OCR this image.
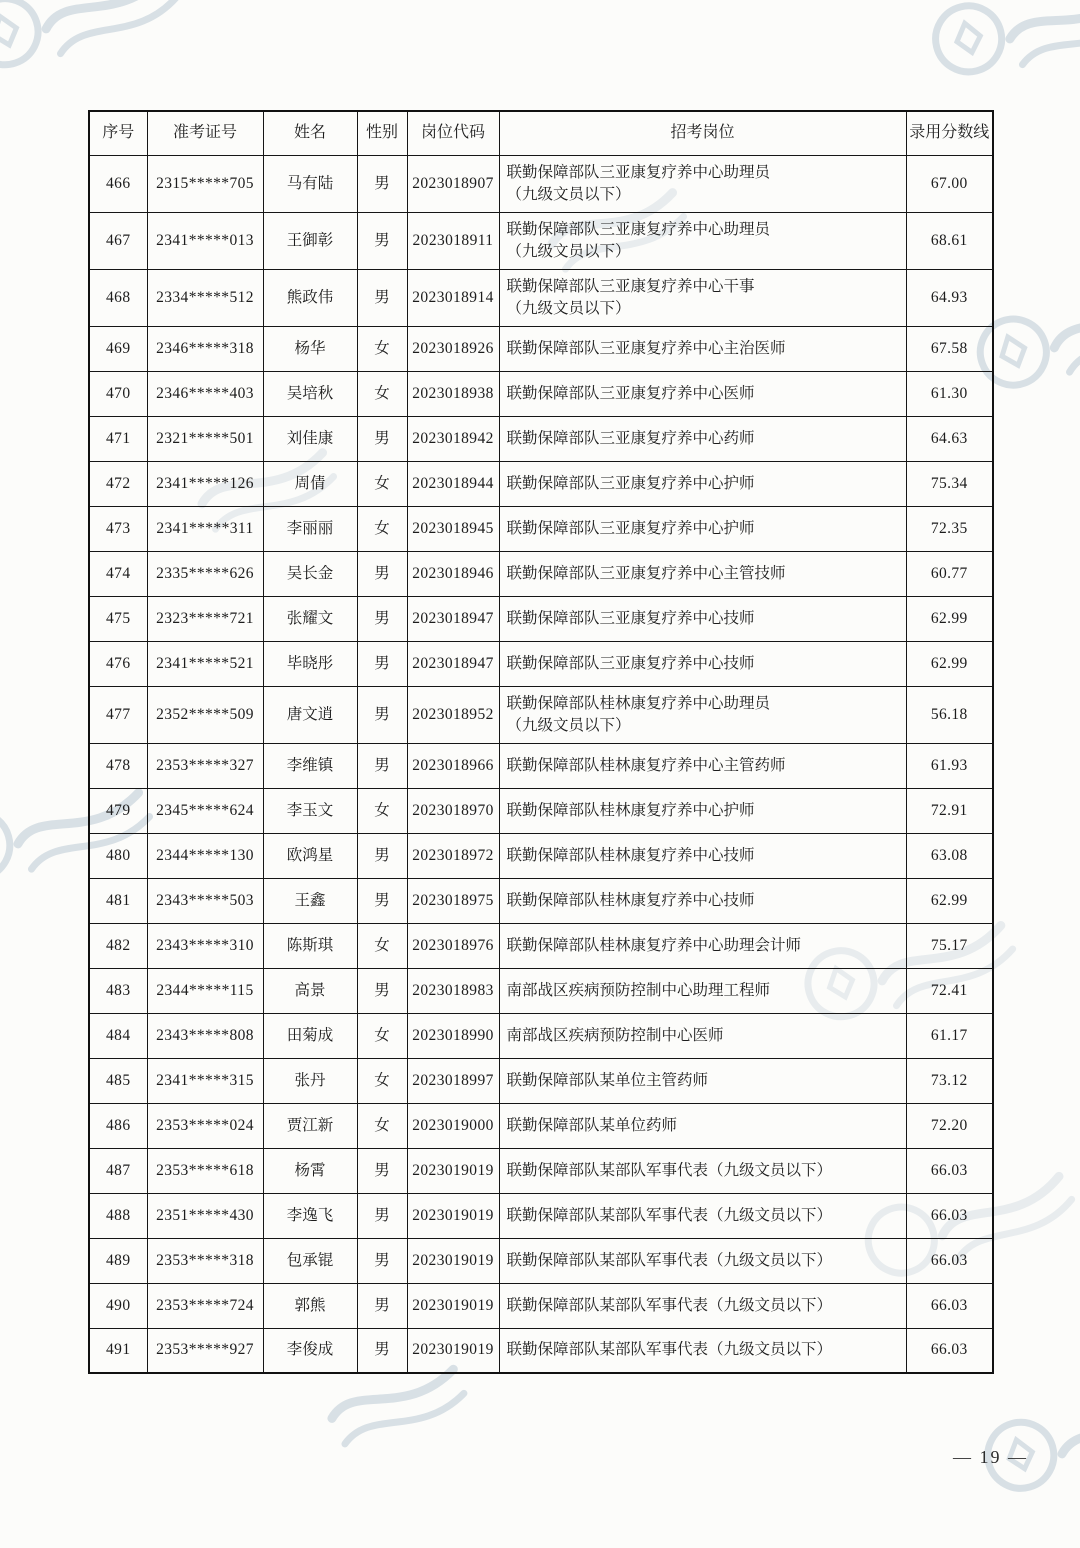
序号	准考证号	姓名	性别	岗位代码	招考岗位	录用分数线
466	2315*****705	马有陆	男	2023018907	联勤保障部队三亚康复疗养中心助理员
（九级文员以下）	67.00
467	2341*****013	王御彰	男	2023018911	联勤保障部队三亚康复疗养中心助理员
（九级文员以下）	68.61
468	2334*****512	熊政伟	男	2023018914	联勤保障部队三亚康复疗养中心干事
（九级文员以下）	64.93
469	2346*****318	杨华	女	2023018926	联勤保障部队三亚康复疗养中心主治医师	67.58
470	2346*****403	吴培秋	女	2023018938	联勤保障部队三亚康复疗养中心医师	61.30
471	2321*****501	刘佳康	男	2023018942	联勤保障部队三亚康复疗养中心药师	64.63
472	2341*****126	周倩	女	2023018944	联勤保障部队三亚康复疗养中心护师	75.34
473	2341*****311	李丽丽	女	2023018945	联勤保障部队三亚康复疗养中心护师	72.35
474	2335*****626	吴长金	男	2023018946	联勤保障部队三亚康复疗养中心主管技师	60.77
475	2323*****721	张耀文	男	2023018947	联勤保障部队三亚康复疗养中心技师	62.99
476	2341*****521	毕晓彤	男	2023018947	联勤保障部队三亚康复疗养中心技师	62.99
477	2352*****509	唐文逍	男	2023018952	联勤保障部队桂林康复疗养中心助理员
（九级文员以下）	56.18
478	2353*****327	李维镇	男	2023018966	联勤保障部队桂林康复疗养中心主管药师	61.93
479	2345*****624	李玉文	女	2023018970	联勤保障部队桂林康复疗养中心护师	72.91
480	2344*****130	欧鸿星	男	2023018972	联勤保障部队桂林康复疗养中心技师	63.08
481	2343*****503	王鑫	男	2023018975	联勤保障部队桂林康复疗养中心技师	62.99
482	2343*****310	陈斯琪	女	2023018976	联勤保障部队桂林康复疗养中心助理会计师	75.17
483	2344*****115	高景	男	2023018983	南部战区疾病预防控制中心助理工程师	72.41
484	2343*****808	田菊成	女	2023018990	南部战区疾病预防控制中心医师	61.17
485	2341*****315	张丹	女	2023018997	联勤保障部队某单位主管药师	73.12
486	2353*****024	贾江新	女	2023019000	联勤保障部队某单位药师	72.20
487	2353*****618	杨霄	男	2023019019	联勤保障部队某部队军事代表（九级文员以下）	66.03
488	2351*****430	李逸飞	男	2023019019	联勤保障部队某部队军事代表（九级文员以下）	66.03
489	2353*****318	包承锟	男	2023019019	联勤保障部队某部队军事代表（九级文员以下）	66.03
490	2353*****724	郭熊	男	2023019019	联勤保障部队某部队军事代表（九级文员以下）	66.03
491	2353*****927	李俊成	男	2023019019	联勤保障部队某部队军事代表（九级文员以下）	66.03
— 19 —
